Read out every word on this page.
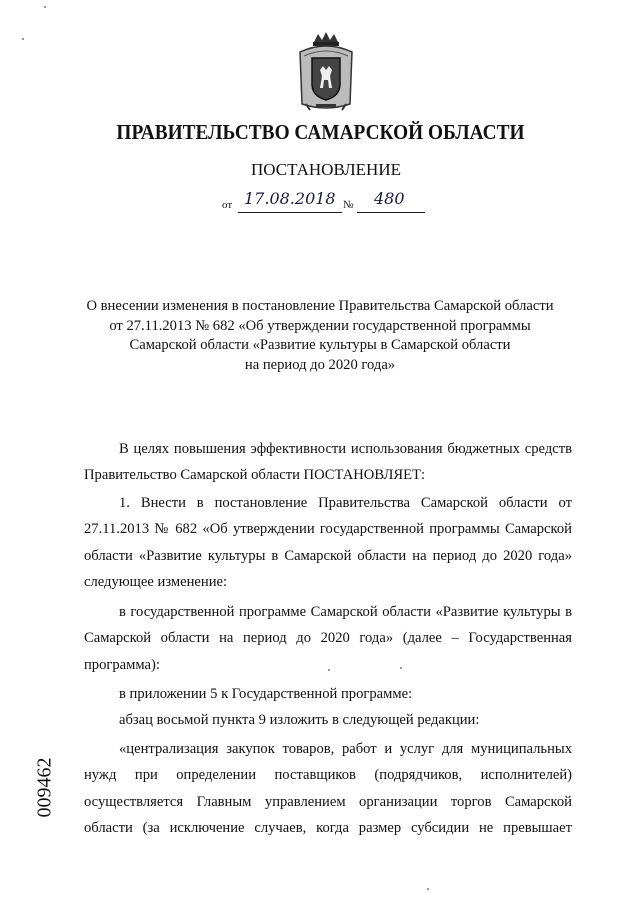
ПРАВИТЕЛЬСТВО САМАРСКОЙ ОБЛАСТИ
ПОСТАНОВЛЕНИЕ
от 17.08.2018 № 480
О внесении изменения в постановление Правительства Самарской области
от 27.11.2013 № 682 «Об утверждении государственной программы
Самарской области «Развитие культуры в Самарской области
на период до 2020 года»

В целях повышения эффективности использования бюджетных средств Правительство Самарской области ПОСТАНОВЛЯЕТ:

1. Внести в постановление Правительства Самарской области от 27.11.2013 № 682 «Об утверждении государственной программы Самарской области «Развитие культуры в Самарской области на период до 2020 года» следующее изменение:

в государственной программе Самарской области «Развитие культуры в Самарской области на период до 2020 года» (далее – Государственная программа):

в приложении 5 к Государственной программе:

абзац восьмой пункта 9 изложить в следующей редакции:

«централизация закупок товаров, работ и услуг для муниципальных нужд при определении поставщиков (подрядчиков, исполнителей) осуществляется Главным управлением организации торгов Самарской области (за исключение случаев, когда размер субсидии не превышает

009462
